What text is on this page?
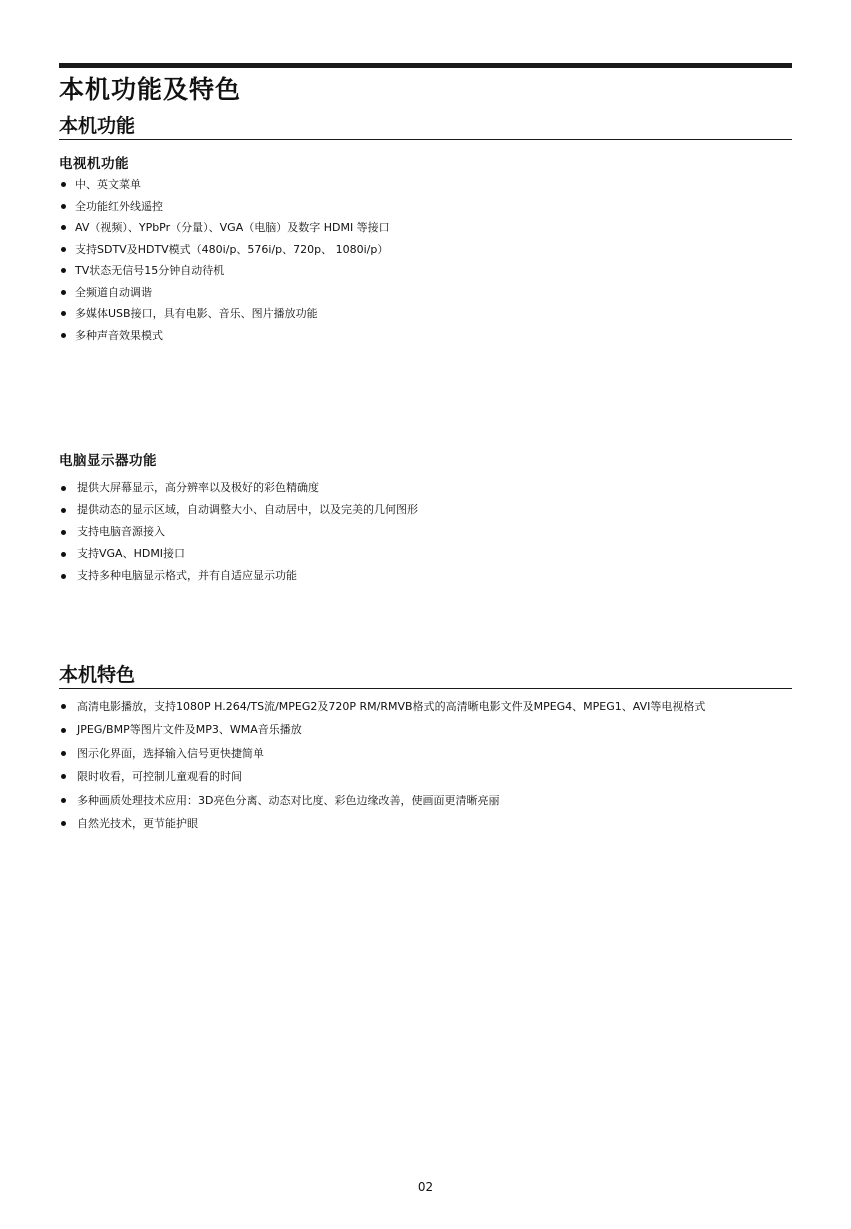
本机功能及特色
本机功能
电视机功能
中、英文菜单
全功能红外线遥控
AV（视频）、YPbPr（分量）、VGA（电脑）及数字 HDMI 等接口
支持SDTV及HDTV模式（480i/p、576i/p、720p、 1080i/p）
TV状态无信号15分钟自动待机
全频道自动调谐
多媒体USB接口，具有电影、音乐、图片播放功能
多种声音效果模式
电脑显示器功能
提供大屏幕显示，高分辨率以及极好的彩色精确度
提供动态的显示区域，自动调整大小、自动居中，以及完美的几何图形
支持电脑音源接入
支持VGA、HDMI接口
支持多种电脑显示格式，并有自适应显示功能
本机特色
高清电影播放，支持1080P H.264/TS流/MPEG2及720P RM/RMVB格式的高清晰电影文件及MPEG4、MPEG1、AVI等电视格式
JPEG/BMP等图片文件及MP3、WMA音乐播放
图示化界面，选择输入信号更快捷简单
限时收看，可控制儿童观看的时间
多种画质处理技术应用：3D亮色分离、动态对比度、彩色边缘改善，使画面更清晰亮丽
自然光技术，更节能护眼
02
